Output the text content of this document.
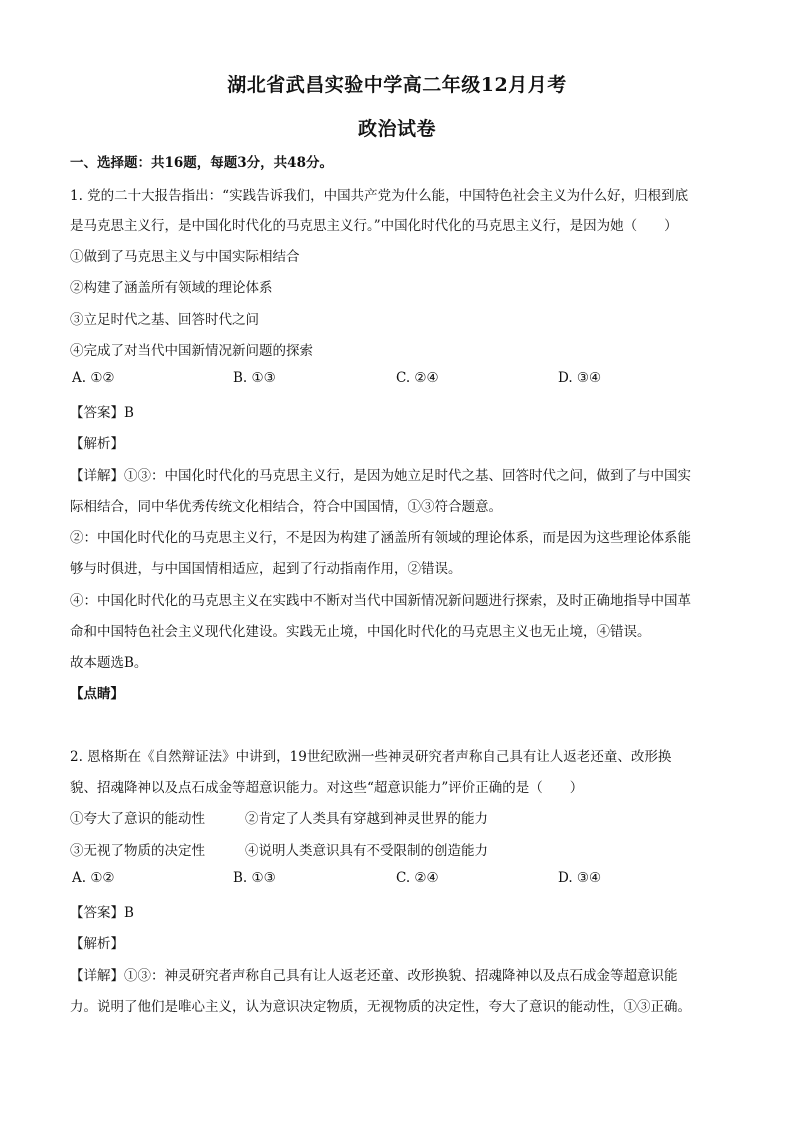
湖北省武昌实验中学高二年级12月月考
政治试卷
一、选择题：共16题，每题3分，共48分。
1. 党的二十大报告指出：“实践告诉我们，中国共产党为什么能，中国特色社会主义为什么好，归根到底
是马克思主义行，是中国化时代化的马克思主义行。”中国化时代化的马克思主义行，是因为她（　　）
①做到了马克思主义与中国实际相结合
②构建了涵盖所有领域的理论体系
③立足时代之基、回答时代之问
④完成了对当代中国新情况新问题的探索
A. ①②	B. ①③	C. ②④	D. ③④
【答案】B
【解析】
【详解】①③：中国化时代化的马克思主义行，是因为她立足时代之基、回答时代之问，做到了与中国实
际相结合，同中华优秀传统文化相结合，符合中国国情，①③符合题意。
②：中国化时代化的马克思主义行，不是因为构建了涵盖所有领域的理论体系，而是因为这些理论体系能
够与时俱进，与中国国情相适应，起到了行动指南作用，②错误。
④：中国化时代化的马克思主义在实践中不断对当代中国新情况新问题进行探索，及时正确地指导中国革
命和中国特色社会主义现代化建设。实践无止境，中国化时代化的马克思主义也无止境，④错误。
故本题选B。
【点睛】
2. 恩格斯在《自然辩证法》中讲到，19世纪欧洲一些神灵研究者声称自己具有让人返老还童、改形换
貌、招魂降神以及点石成金等超意识能力。对这些“超意识能力”评价正确的是（　　）
①夸大了意识的能动性	②肯定了人类具有穿越到神灵世界的能力
③无视了物质的决定性	④说明人类意识具有不受限制的创造能力
A. ①②	B. ①③	C. ②④	D. ③④
【答案】B
【解析】
【详解】①③：神灵研究者声称自己具有让人返老还童、改形换貌、招魂降神以及点石成金等超意识能
力。说明了他们是唯心主义，认为意识决定物质，无视物质的决定性，夸大了意识的能动性，①③正确。
